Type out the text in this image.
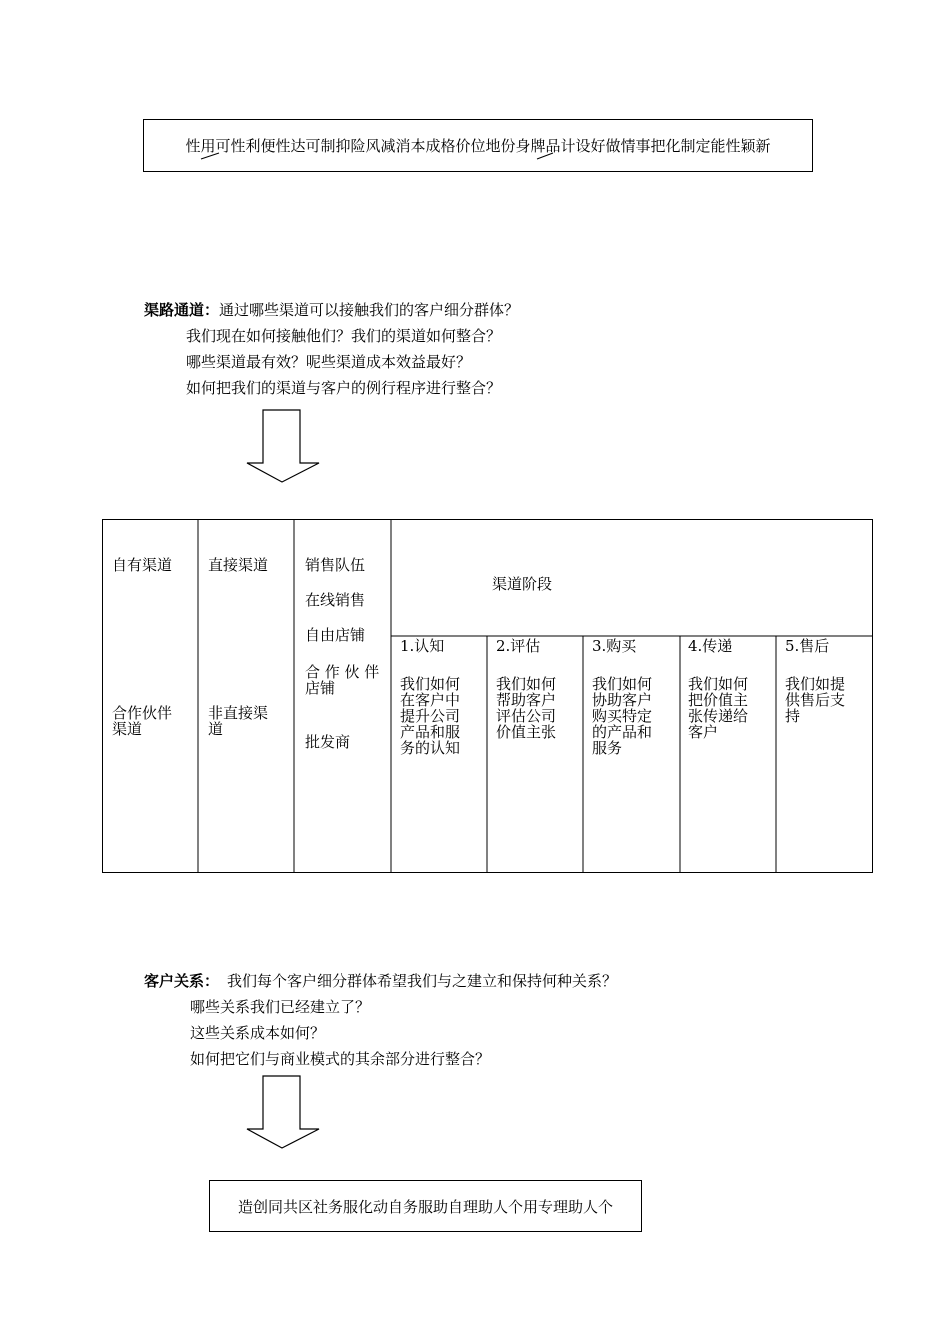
性用可性利便性达可制抑险风减消本成格价位地份身牌品计设好做情事把化制定能性颖新
渠路通道：通过哪些渠道可以接触我们的客户细分群体？
我们现在如何接触他们？我们的渠道如何整合？
哪些渠道最有效？呢些渠道成本效益最好？
如何把我们的渠道与客户的例行程序进行整合？
自有渠道
合作伙伴渠道
直接渠道
非直接渠道
销售队伍
在线销售
自由店铺
合 作 伙 伴店铺
批发商
渠道阶段
1.认知
我们如何在客户中提升公司产品和服务的认知
2.评估
我们如何帮助客户评估公司价值主张
3.购买
我们如何协助客户购买特定的产品和服务
4.传递
我们如何把价值主张传递给客户
5.售后
我们如提供售后支持
客户关系： 我们每个客户细分群体希望我们与之建立和保持何种关系？
哪些关系我们已经建立了？
这些关系成本如何？
如何把它们与商业模式的其余部分进行整合？
造创同共区社务服化动自务服助自理助人个用专理助人个
